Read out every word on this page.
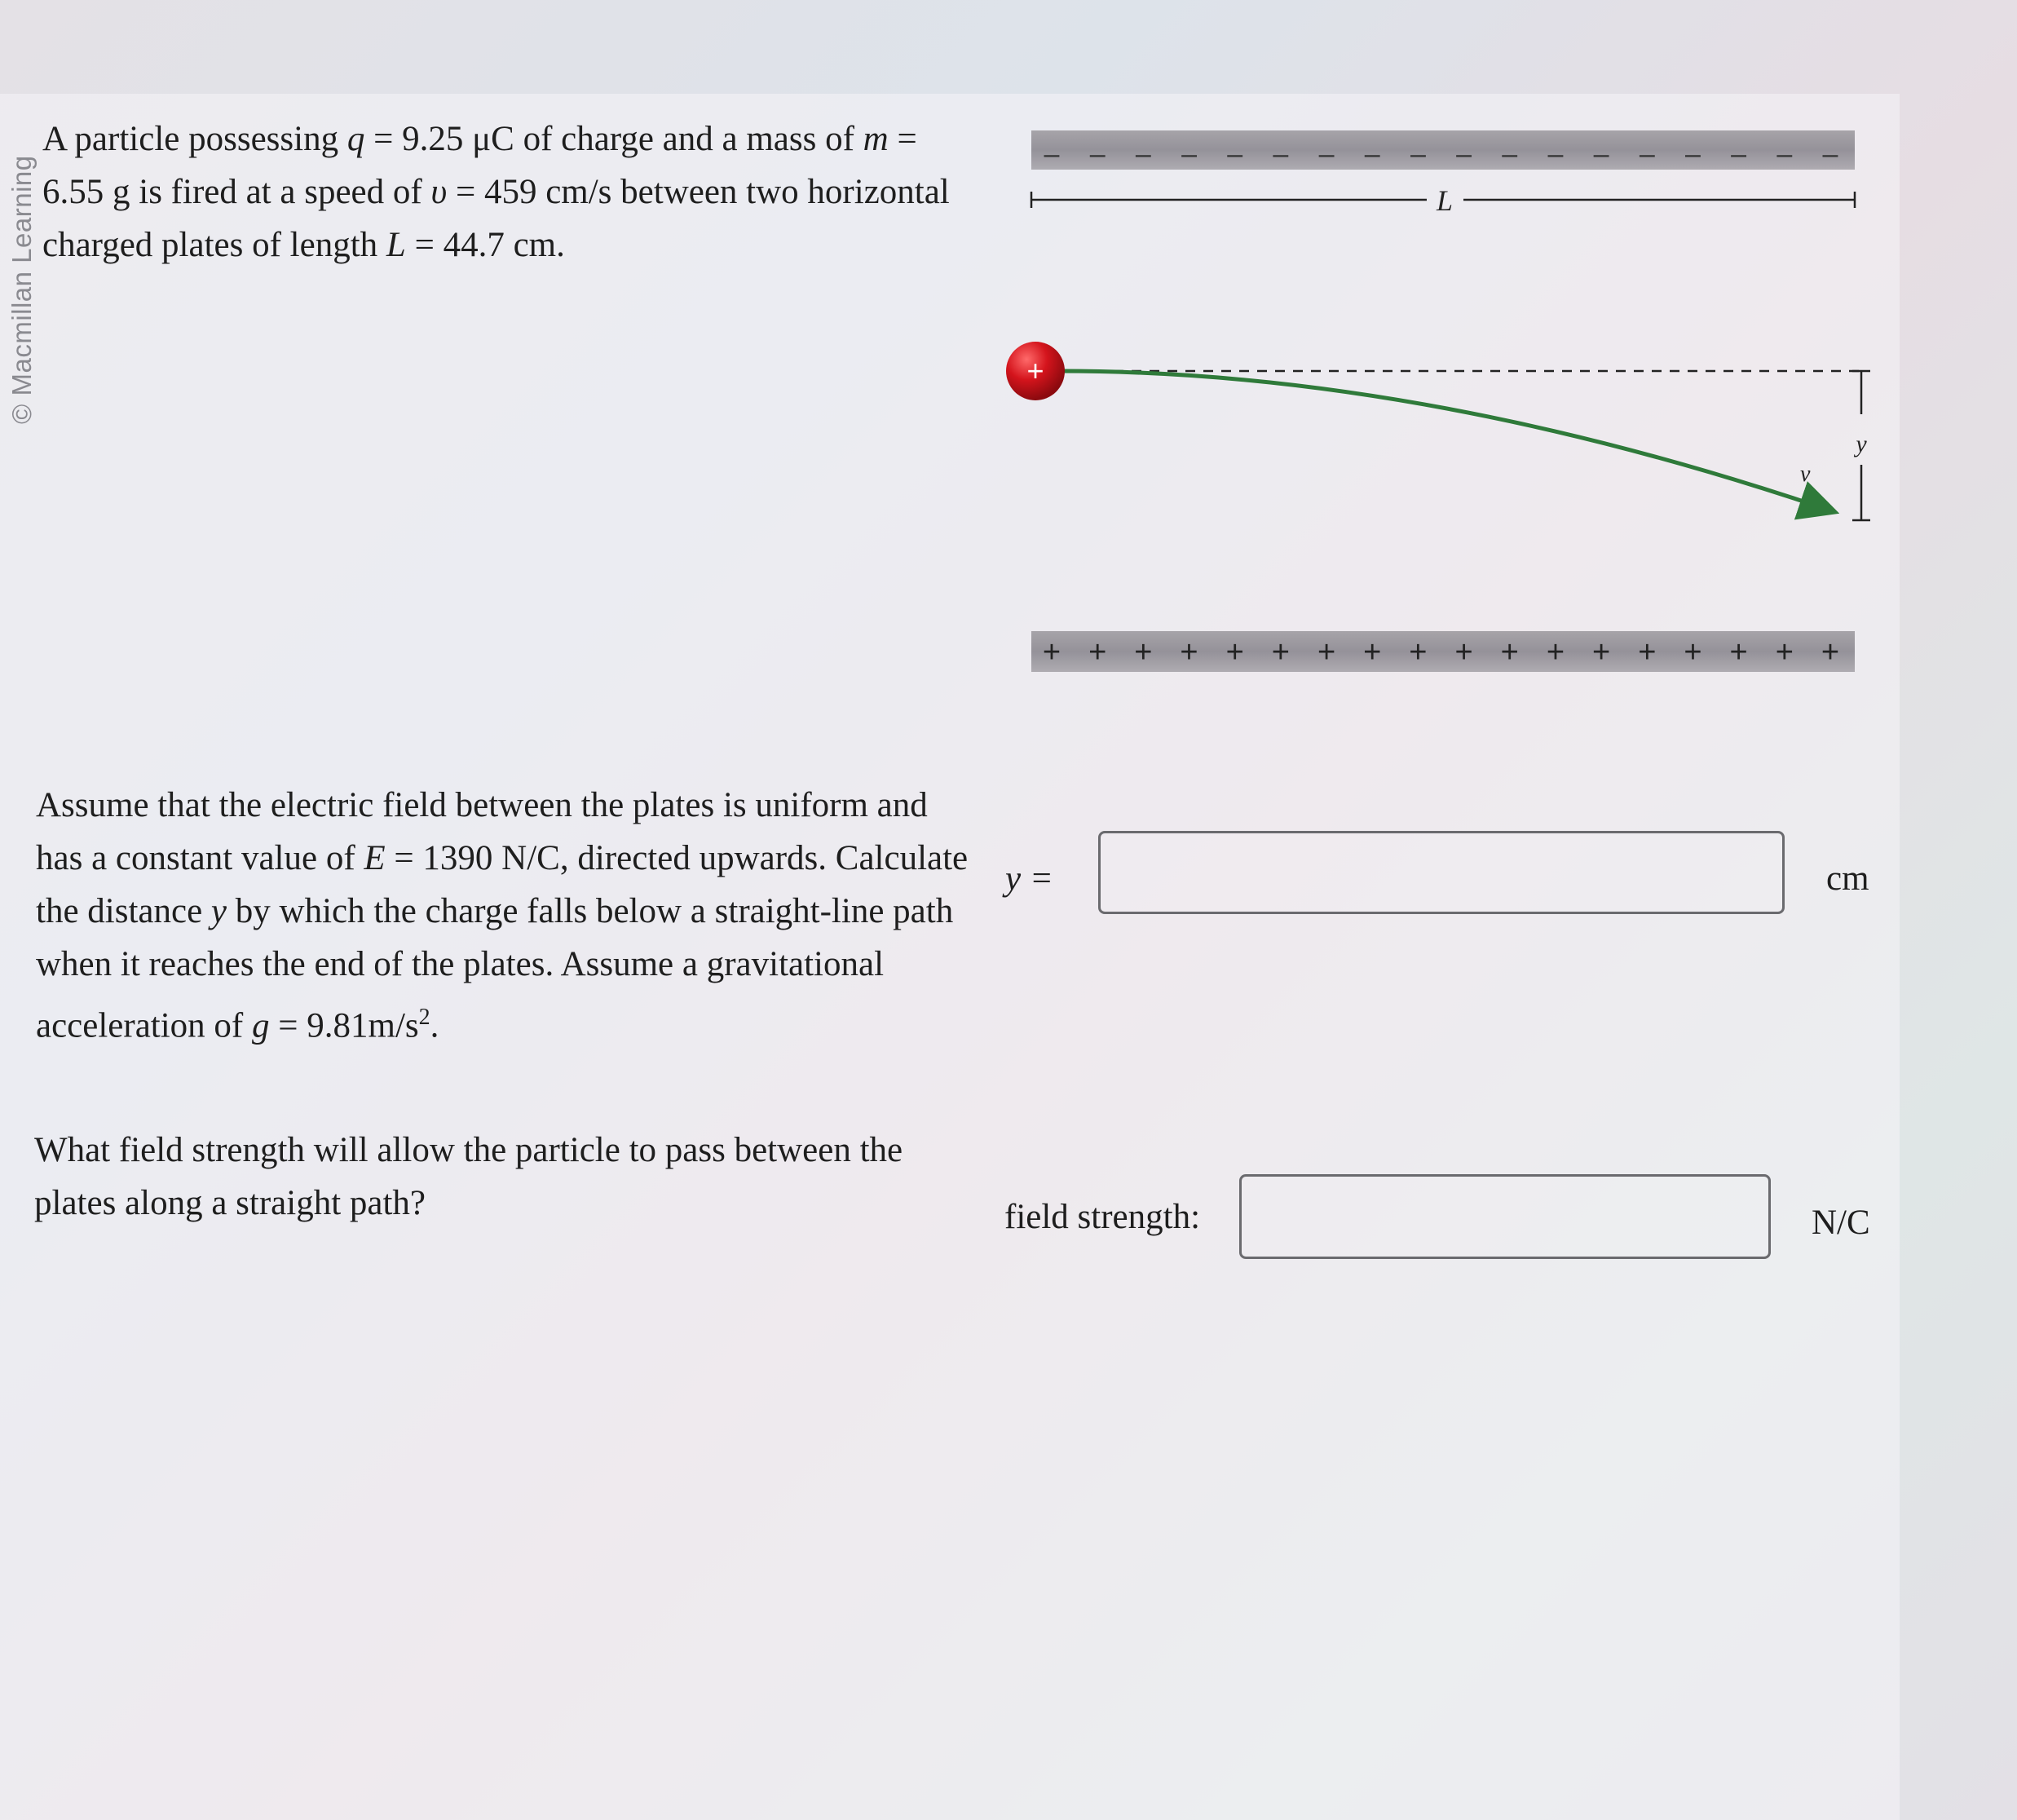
© Macmillan Learning
A particle possessing q = 9.25 μC of charge and a mass of m = 6.55 g is fired at a speed of υ = 459 cm/s between two horizontal charged plates of length L = 44.7 cm.
– – – – – – – – – – – – – – – – – –
L
v
y
+
+ + + + + + + + + + + + + + + + + +
Assume that the electric field between the plates is uniform and has a constant value of E = 1390 N/C, directed upwards. Calculate the distance y by which the charge falls below a straight-line path when it reaches the end of the plates. Assume a gravitational acceleration of $g = 9.81m/s^2$.
y =	cm
What field strength will allow the particle to pass between the plates along a straight path?	field strength:	N/C
